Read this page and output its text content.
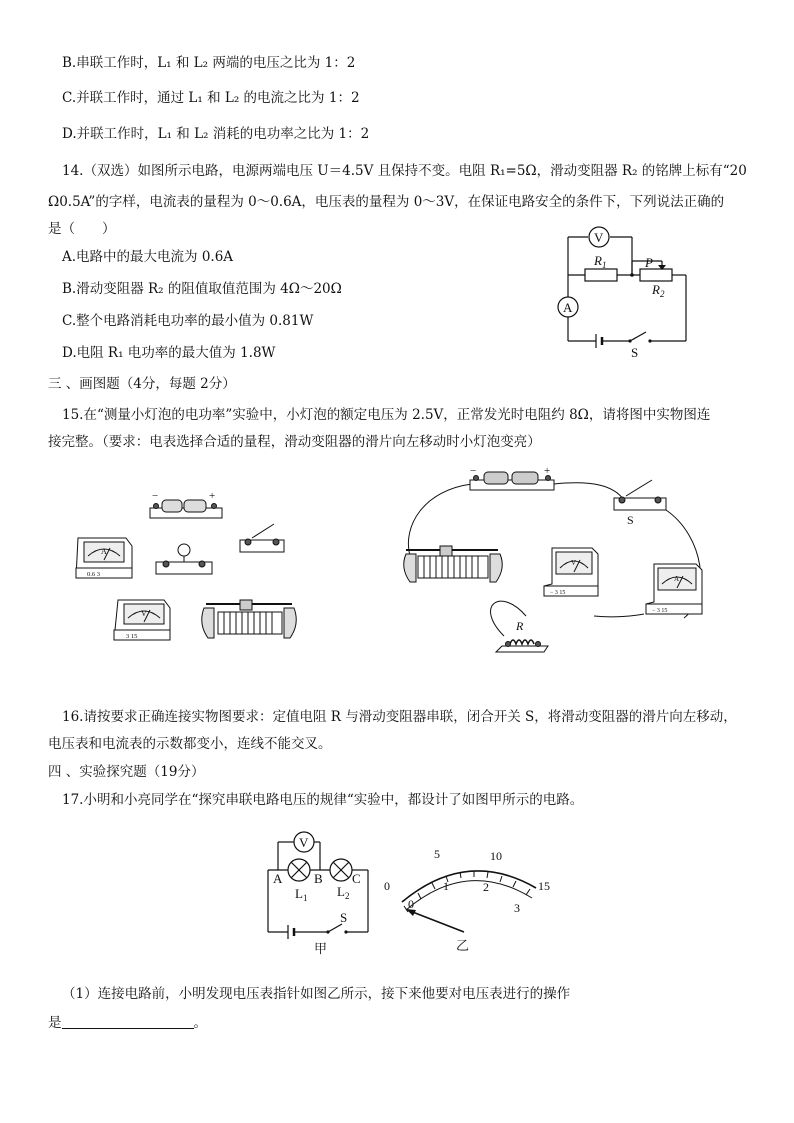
B.串联工作时，L₁ 和 L₂ 两端的电压之比为 1：2
C.并联工作时，通过 L₁ 和 L₂ 的电流之比为 1：2
D.并联工作时，L₁ 和 L₂ 消耗的电功率之比为 1：2
14.（双选）如图所示电路，电源两端电压 U＝4.5V 且保持不变。电阻 R₁=5Ω，滑动变阻器 R₂ 的铭牌上标有“20
Ω0.5A”的字样，电流表的量程为 0～0.6A，电压表的量程为 0～3V，在保证电路安全的条件下，下列说法正确的
是（　　）
A.电路中的最大电流为 0.6A
B.滑动变阻器 R₂ 的阻值取值范围为 4Ω～20Ω
C.整个电路消耗电功率的最小值为 0.81W
D.电阻 R₁ 电功率的最大值为 1.8W
V
A
$R_1$	P
$R_2$
S
三 、画图题（4分，每题 2分）
15.在“测量小灯泡的电功率”实验中，小灯泡的额定电压为 2.5V，正常发光时电阻约 8Ω，请将图中实物图连
接完整。（要求：电表选择合适的量程，滑动变阻器的滑片向左移动时小灯泡变亮）
−	+
A
0.6 3
V
3 15
−	+
S
V
− 3 15
A
− 3 15
R
16.请按要求正确连接实物图要求：定值电阻 R 与滑动变阻器串联，闭合开关 S，将滑动变阻器的滑片向左移动，
电压表和电流表的示数都变小，连线不能交叉。
四 、实验探究题（19分）
17.小明和小亮同学在“探究串联电路电压的规律“实验中，都设计了如图甲所示的电路。
V
A B C
$L_1$ $L_2$
S
甲
0
5	10
15
0
1	2
3
乙
（1）连接电路前，小明发现电压表指针如图乙所示，接下来他要对电压表进行的操作
是	。
